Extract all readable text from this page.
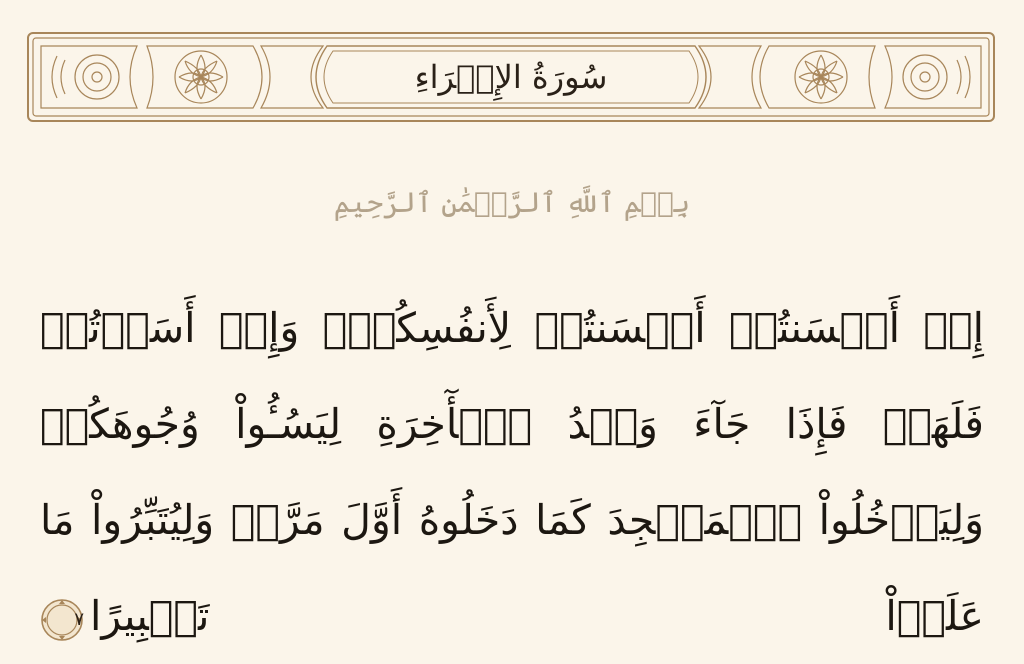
سُورَةُ الإِسۡرَاءِ
بِسۡمِ ٱللَّهِ ٱلرَّحۡمَٰنِ ٱلرَّحِيمِ
إِنۡ أَحۡسَنتُمۡ أَحۡسَنتُمۡ لِأَنفُسِكُمۡۖ وَإِنۡ أَسَأۡتُمۡ فَلَهَاۚ فَإِذَا جَآءَ وَعۡدُ ٱلۡأٓخِرَةِ لِيَسُـُٔواْ وُجُوهَكُمۡ وَلِيَدۡخُلُواْ ٱلۡمَسۡجِدَ كَمَا دَخَلُوهُ أَوَّلَ مَرَّةٖ وَلِيُتَبِّرُواْ مَا عَلَوۡاْ تَتۡبِيرًا
٧
